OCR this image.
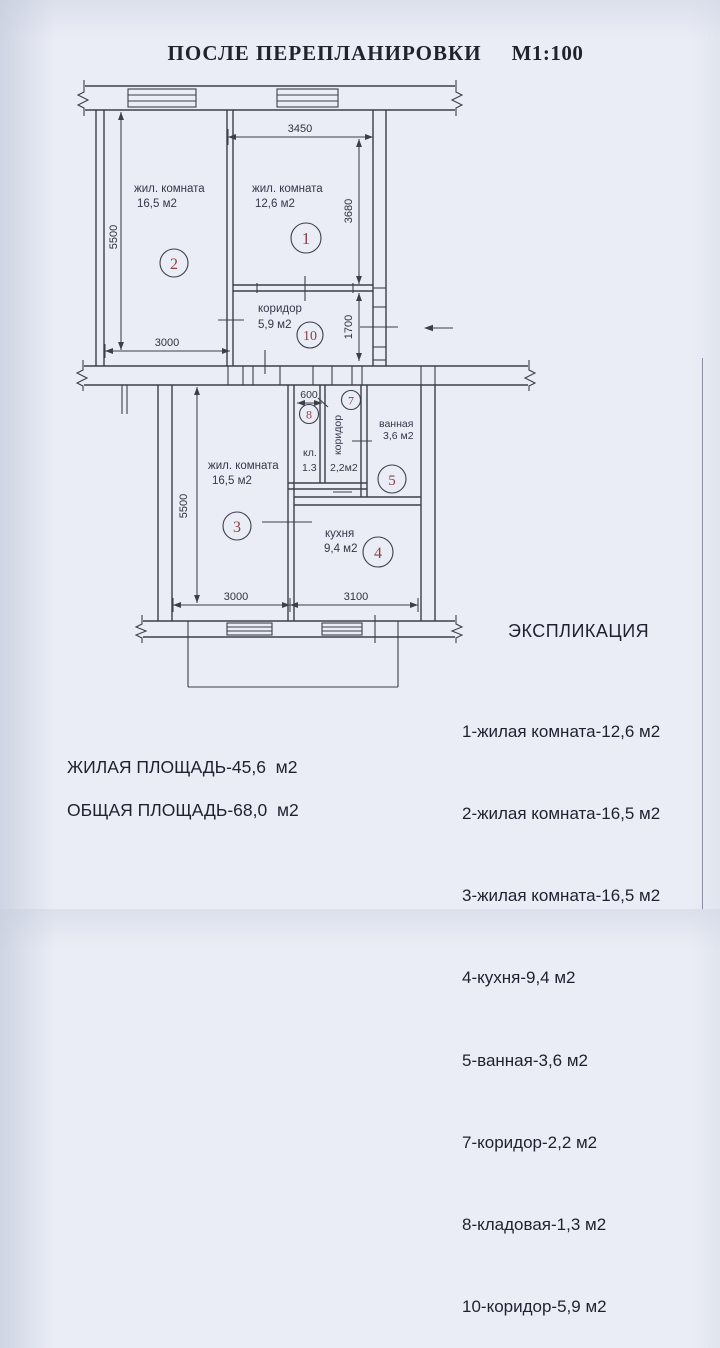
ПОСЛЕ ПЕРЕПЛАНИРОВКИ М1:100

3450
3680
1700
5500
3000
жил. комната
16,5 м2
жил. комната
12,6 м2
коридор
5,9 м2
1
2
10
600
5500
3000	3100
жил. комната
16,5 м2
кухня
9,4 м2
ванная
3,6 м2
кл.
1.3
коридор
2,2м2
3
4
5
7
8
ЭКСПЛИКАЦИЯ

1-жилая комната-12,6 м2

2-жилая комната-16,5 м2

3-жилая комната-16,5 м2

4-кухня-9,4 м2

5-ванная-3,6 м2

7-коридор-2,2 м2

8-кладовая-1,3 м2

10-коридор-5,9 м2

ЖИЛАЯ ПЛОЩАДЬ-45,6  м2
ОБЩАЯ ПЛОЩАДЬ-68,0  м2
